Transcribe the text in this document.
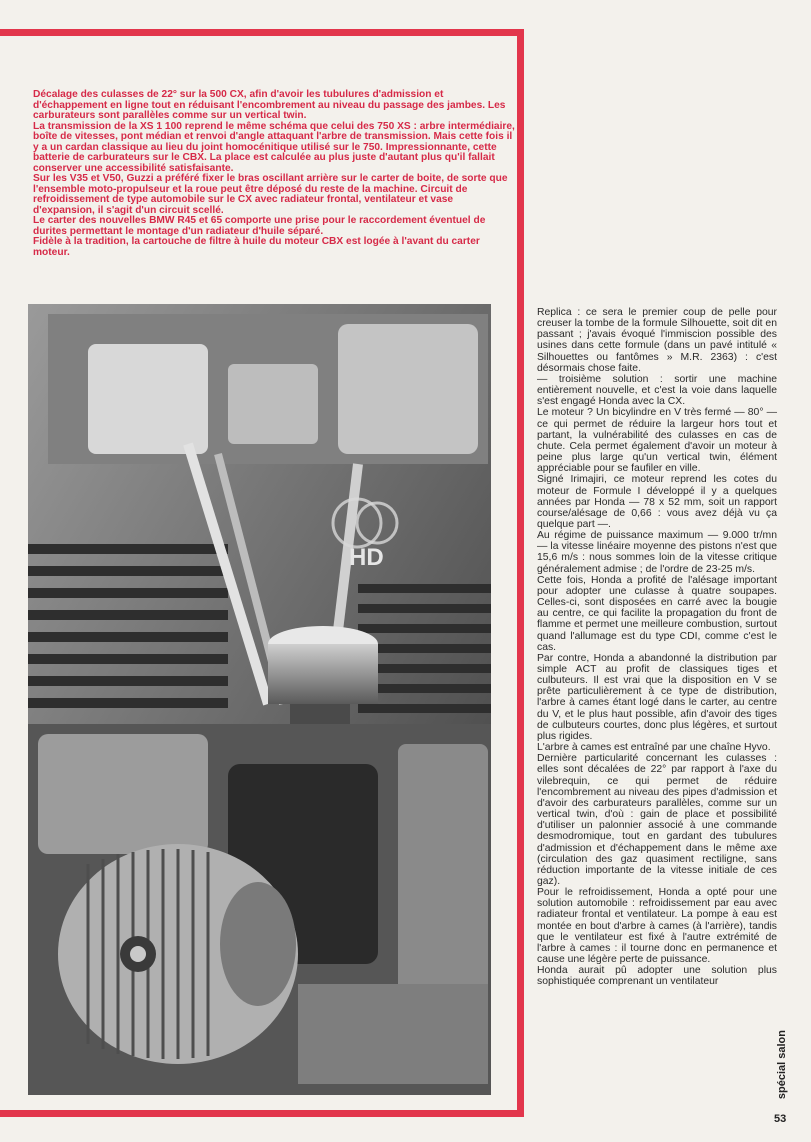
Décalage des culasses de 22° sur la 500 CX, afin d'avoir les tubulures d'admission et d'échappement en ligne tout en réduisant l'encombrement au niveau du passage des jambes. Les carburateurs sont parallèles comme sur un vertical twin.

La transmission de la XS 1 100 reprend le même schéma que celui des 750 XS : arbre intermédiaire, boîte de vitesses, pont médian et renvoi d'angle attaquant l'arbre de transmission. Mais cette fois il y a un cardan classique au lieu du joint homocénitique utilisé sur le 750. Impressionnante, cette batterie de carburateurs sur le CBX. La place est calculée au plus juste d'autant plus qu'il fallait conserver une accessibilité satisfaisante.

Sur les V35 et V50, Guzzi a préféré fixer le bras oscillant arrière sur le carter de boite, de sorte que l'ensemble moto-propulseur et la roue peut être déposé du reste de la machine. Circuit de refroidissement de type automobile sur le CX avec radiateur frontal, ventilateur et vase d'expansion, il s'agit d'un circuit scellé.

Le carter des nouvelles BMW R45 et 65 comporte une prise pour le raccordement éventuel de durites permettant le montage d'un radiateur d'huile séparé.

Fidèle à la tradition, la cartouche de filtre à huile du moteur CBX est logée à l'avant du carter moteur.

HD

Replica : ce sera le premier coup de pelle pour creuser la tombe de la formule Silhouette, soit dit en passant ; j'avais évoqué l'immiscion possible des usines dans cette formule (dans un pavé intitulé « Silhouettes ou fantômes » M.R. 2363) : c'est désormais chose faite.

— troisième solution : sortir une machine entièrement nouvelle, et c'est la voie dans laquelle s'est engagé Honda avec la CX.

Le moteur ? Un bicylindre en V très fermé — 80° — ce qui permet de réduire la largeur hors tout et partant, la vulnérabilité des culasses en cas de chute. Cela permet également d'avoir un moteur à peine plus large qu'un vertical twin, élément appréciable pour se faufiler en ville.

Signé Irimajiri, ce moteur reprend les cotes du moteur de Formule I développé il y a quelques années par Honda — 78 x 52 mm, soit un rapport course/alésage de 0,66 : vous avez déjà vu ça quelque part —.

Au régime de puissance maximum — 9.000 tr/mn — la vitesse linéaire moyenne des pistons n'est que 15,6 m/s : nous sommes loin de la vitesse critique généralement admise ; de l'ordre de 23-25 m/s.

Cette fois, Honda a profité de l'alésage important pour adopter une culasse à quatre soupapes. Celles-ci, sont disposées en carré avec la bougie au centre, ce qui facilite la propagation du front de flamme et permet une meilleure combustion, surtout quand l'allumage est du type CDI, comme c'est le cas.

Par contre, Honda a abandonné la distribution par simple ACT au profit de classiques tiges et culbuteurs. Il est vrai que la disposition en V se prête particulièrement à ce type de distribution, l'arbre à cames étant logé dans le carter, au centre du V, et le plus haut possible, afin d'avoir des tiges de culbuteurs courtes, donc plus légères, et surtout plus rigides.

L'arbre à cames est entraîné par une chaîne Hyvo.

Dernière particularité concernant les culasses : elles sont décalées de 22° par rapport à l'axe du vilebrequin, ce qui permet de réduire l'encombrement au niveau des pipes d'admission et d'avoir des carburateurs parallèles, comme sur un vertical twin, d'où : gain de place et possibilité d'utiliser un palonnier associé à une commande desmodromique, tout en gardant des tubulures d'admission et d'échappement dans le même axe (circulation des gaz quasiment rectiligne, sans réduction importante de la vitesse initiale de ces gaz).

Pour le refroidissement, Honda a opté pour une solution automobile : refroidissement par eau avec radiateur frontal et ventilateur. La pompe à eau est montée en bout d'arbre à cames (à l'arrière), tandis que le ventilateur est fixé à l'autre extrémité de l'arbre à cames : il tourne donc en permanence et cause une légère perte de puissance.

Honda aurait pû adopter une solution plus sophistiquée comprenant un ventilateur

spécial salon
53
